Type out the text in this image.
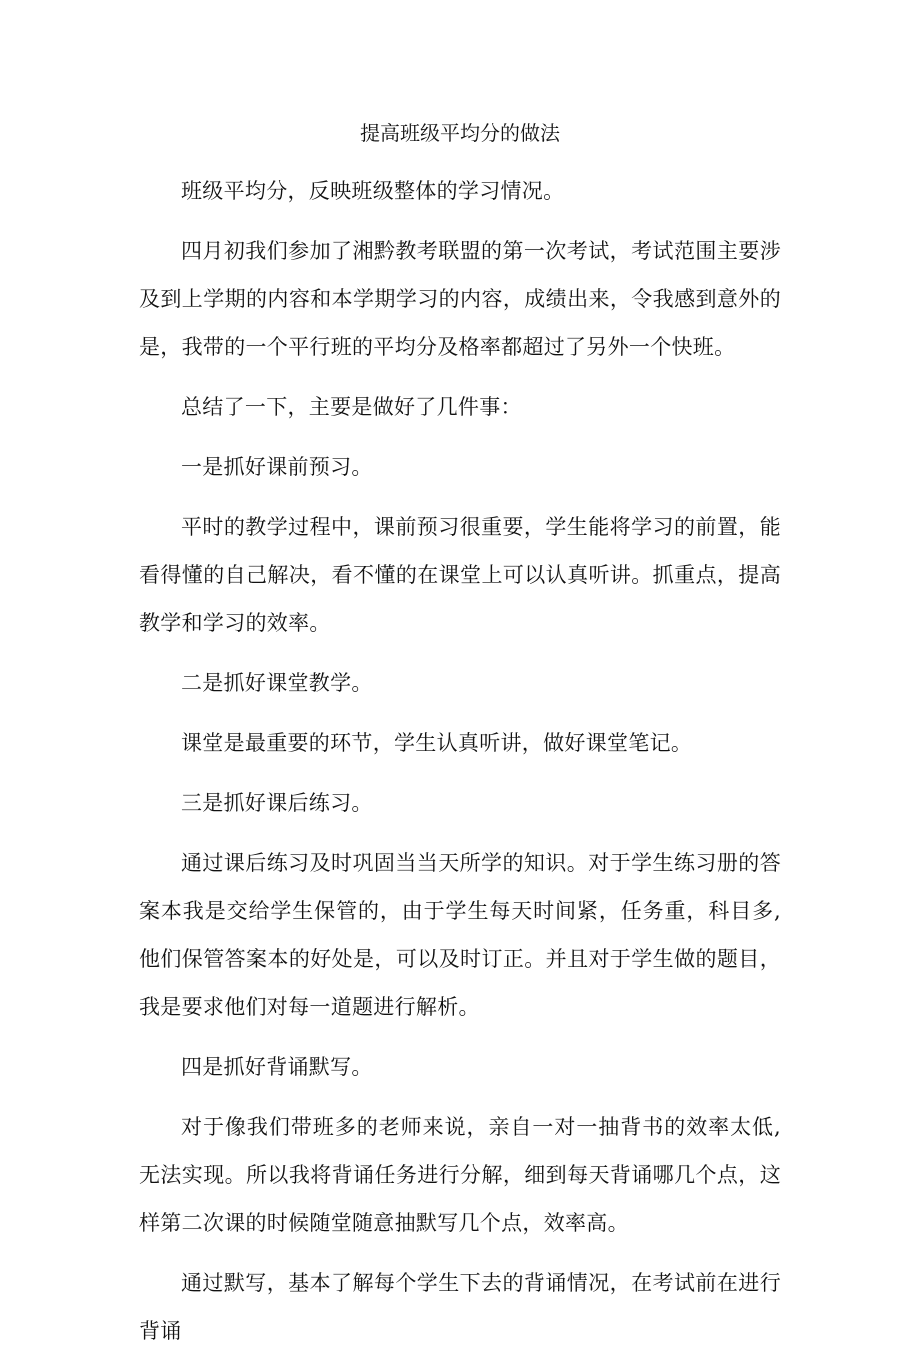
提高班级平均分的做法

班级平均分，反映班级整体的学习情况。

四月初我们参加了湘黔教考联盟的第一次考试，考试范围主要涉及到上学期的内容和本学期学习的内容，成绩出来，令我感到意外的是，我带的一个平行班的平均分及格率都超过了另外一个快班。

总结了一下，主要是做好了几件事：

一是抓好课前预习。

平时的教学过程中，课前预习很重要，学生能将学习的前置，能看得懂的自己解决，看不懂的在课堂上可以认真听讲。抓重点，提高教学和学习的效率。

二是抓好课堂教学。

课堂是最重要的环节，学生认真听讲，做好课堂笔记。

三是抓好课后练习。

通过课后练习及时巩固当当天所学的知识。对于学生练习册的答案本我是交给学生保管的，由于学生每天时间紧，任务重，科目多,他们保管答案本的好处是，可以及时订正。并且对于学生做的题目，我是要求他们对每一道题进行解析。

四是抓好背诵默写。

对于像我们带班多的老师来说，亲自一对一抽背书的效率太低,无法实现。所以我将背诵任务进行分解，细到每天背诵哪几个点，这样第二次课的时候随堂随意抽默写几个点，效率高。

通过默写，基本了解每个学生下去的背诵情况，在考试前在进行背诵
